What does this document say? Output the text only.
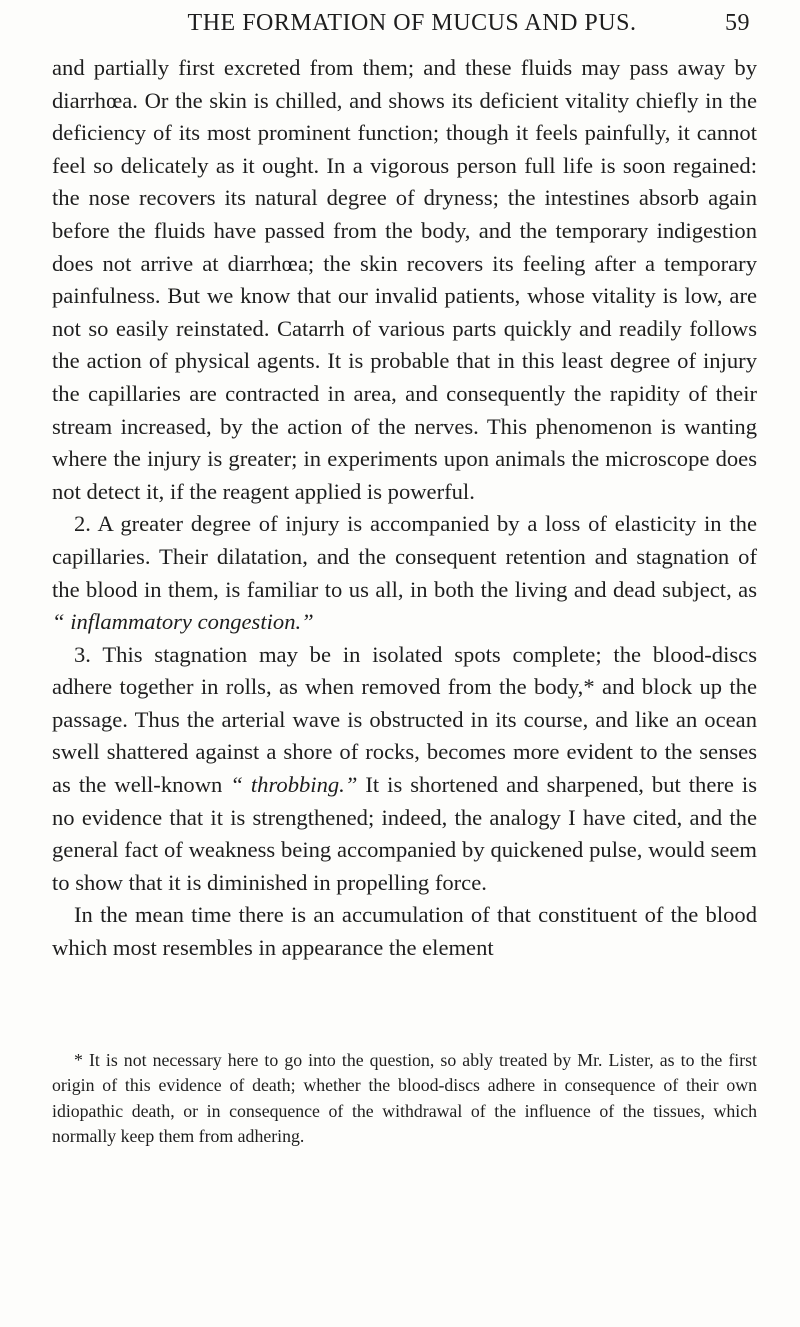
THE FORMATION OF MUCUS AND PUS.	59

and partially first excreted from them; and these fluids may pass away by diarrhœa. Or the skin is chilled, and shows its deficient vitality chiefly in the deficiency of its most prominent function; though it feels painfully, it cannot feel so delicately as it ought. In a vigorous person full life is soon regained: the nose recovers its natural degree of dryness; the intestines absorb again before the fluids have passed from the body, and the temporary indigestion does not arrive at diarrhœa; the skin recovers its feeling after a temporary painfulness. But we know that our invalid patients, whose vitality is low, are not so easily reinstated. Catarrh of various parts quickly and readily follows the action of physical agents. It is probable that in this least degree of injury the capillaries are contracted in area, and consequently the rapidity of their stream increased, by the action of the nerves. This phenomenon is wanting where the injury is greater; in experiments upon animals the microscope does not detect it, if the reagent applied is powerful.

2. A greater degree of injury is accompanied by a loss of elasticity in the capillaries. Their dilatation, and the consequent retention and stagnation of the blood in them, is familiar to us all, in both the living and dead subject, as “ inflammatory congestion.”

3. This stagnation may be in isolated spots complete; the blood-discs adhere together in rolls, as when removed from the body,* and block up the passage. Thus the arterial wave is obstructed in its course, and like an ocean swell shattered against a shore of rocks, becomes more evident to the senses as the well-known “ throbbing.” It is shortened and sharpened, but there is no evidence that it is strengthened; indeed, the analogy I have cited, and the general fact of weakness being accompanied by quickened pulse, would seem to show that it is diminished in propelling force.

In the mean time there is an accumulation of that constituent of the blood which most resembles in appearance the element

* It is not necessary here to go into the question, so ably treated by Mr. Lister, as to the first origin of this evidence of death; whether the blood-discs adhere in consequence of their own idiopathic death, or in consequence of the withdrawal of the influence of the tissues, which normally keep them from adhering.
